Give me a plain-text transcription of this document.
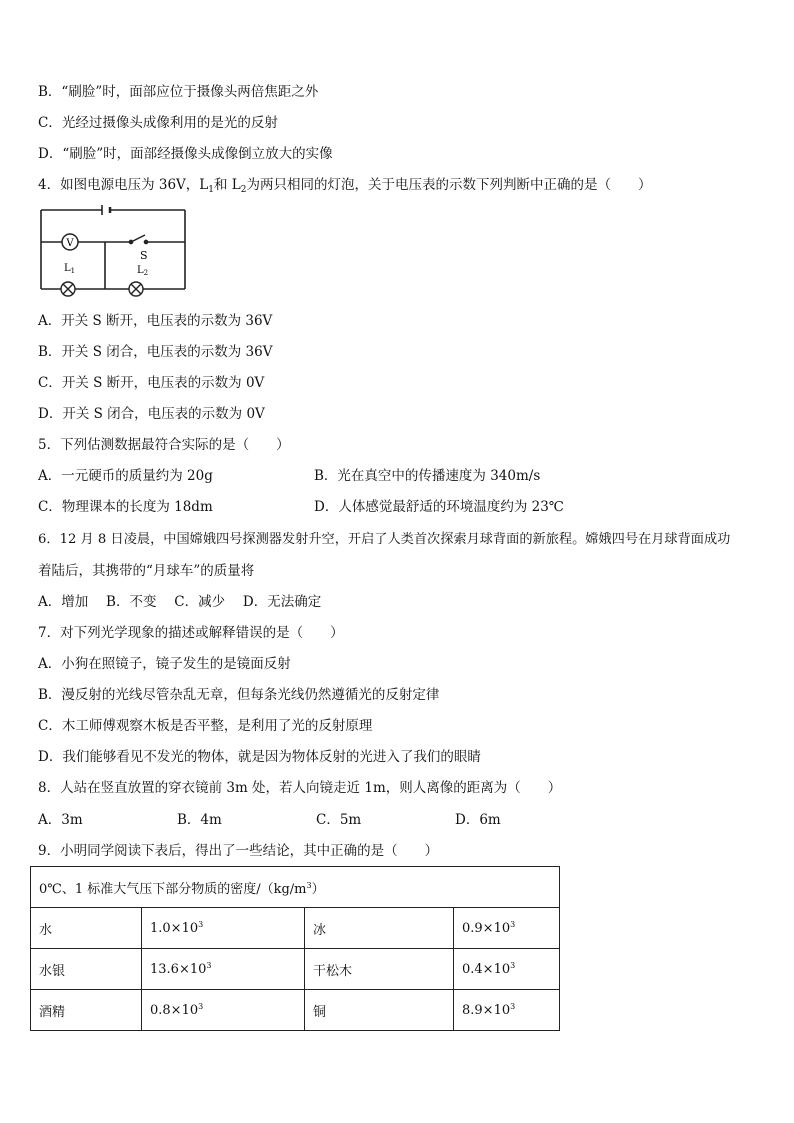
B．“刷脸”时，面部应位于摄像头两倍焦距之外
C．光经过摄像头成像利用的是光的反射
D．“刷脸”时，面部经摄像头成像倒立放大的实像
4．如图电源电压为 36V，$L_1$和 $L_2$为两只相同的灯泡，关于电压表的示数下列判断中正确的是（　　）
V
S
$L_1$	$L_2$
A．开关 S 断开，电压表的示数为 36V
B．开关 S 闭合，电压表的示数为 36V
C．开关 S 断开，电压表的示数为 0V
D．开关 S 闭合，电压表的示数为 0V
5．下列估测数据最符合实际的是（　　）
A．一元硬币的质量约为 20g	B．光在真空中的传播速度为 340m/s
C．物理课本的长度为 18dm	D．人体感觉最舒适的环境温度约为 23℃
6．12 月 8 日凌晨，中国嫦娥四号探测器发射升空，开启了人类首次探索月球背面的新旅程。嫦娥四号在月球背面成功
着陆后，其携带的“月球车”的质量将
A．增加　 B．不变　 C．减少　 D．无法确定
7．对下列光学现象的描述或解释错误的是（　　）
A．小狗在照镜子，镜子发生的是镜面反射
B．漫反射的光线尽管杂乱无章，但每条光线仍然遵循光的反射定律
C．木工师傅观察木板是否平整，是利用了光的反射原理
D．我们能够看见不发光的物体，就是因为物体反射的光进入了我们的眼睛
8．人站在竖直放置的穿衣镜前 3m 处，若人向镜走近 1m，则人离像的距离为（　　）
A．3m	B．4m	C．5m	D．6m
9．小明同学阅读下表后，得出了一些结论，其中正确的是（　　）
0℃、1 标准大气压下部分物质的密度$/(kg/m^3)$			
水	$1.0\times 10^3$	冰	$0.9\times 10^3$
水银	$13.6\times 10^3$	干松木	$0.4\times 10^3$
酒精	$0.8\times 10^3$	铜	$8.9\times 10^3$
